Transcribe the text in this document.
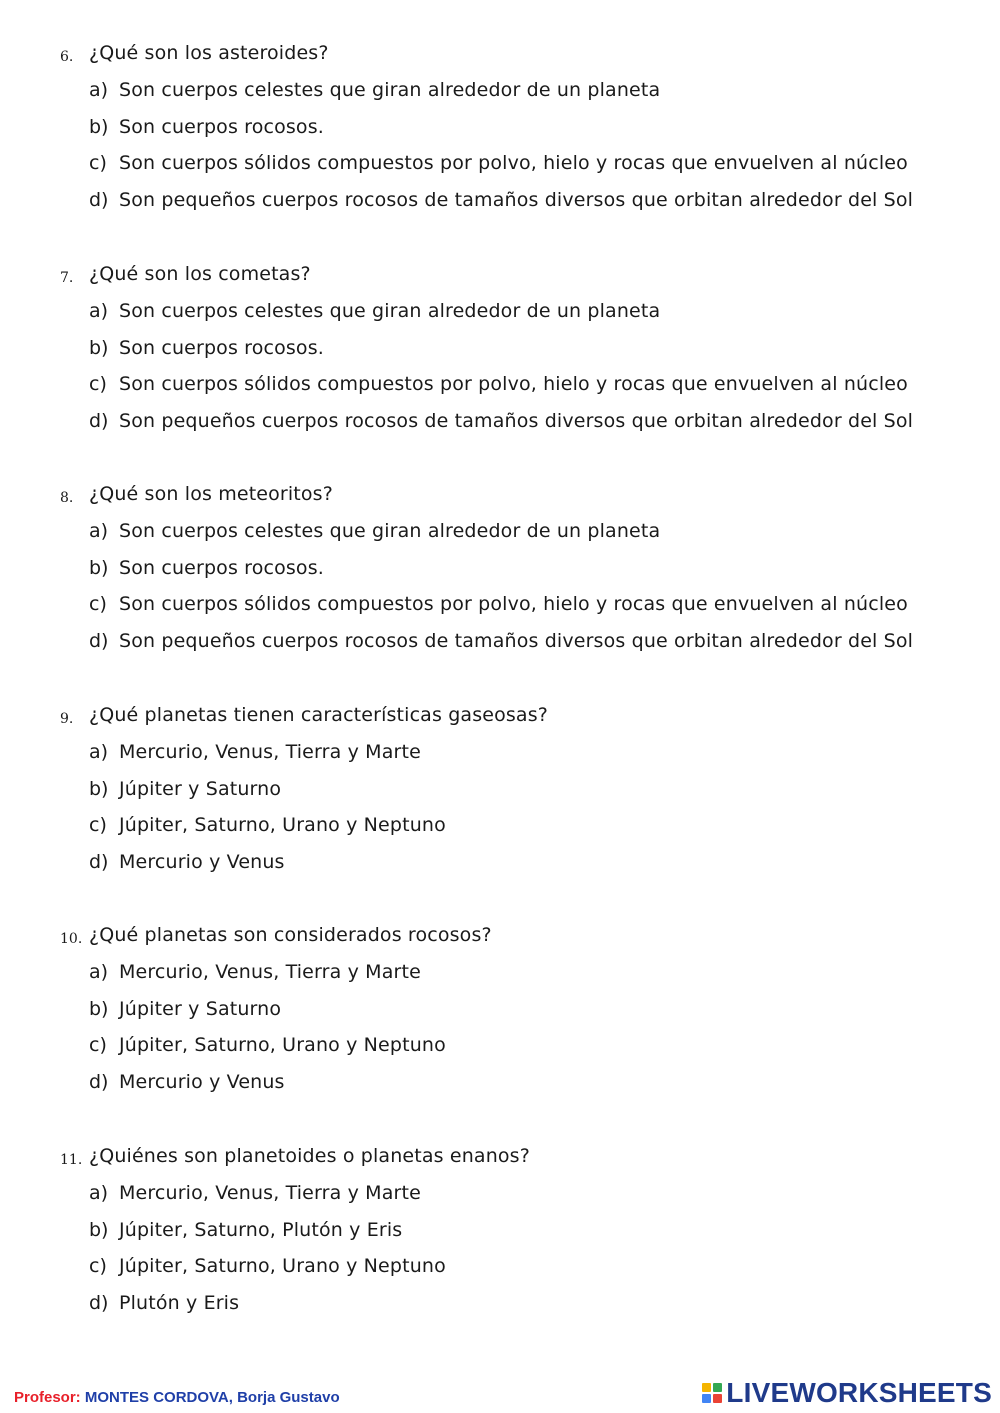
6. ¿Qué son los asteroides?
a) Son cuerpos celestes que giran alrededor de un planeta
b) Son cuerpos rocosos.
c) Son cuerpos sólidos compuestos por polvo, hielo y rocas que envuelven al núcleo
d) Son pequeños cuerpos rocosos de tamaños diversos que orbitan alrededor del Sol
7. ¿Qué son los cometas?
a) Son cuerpos celestes que giran alrededor de un planeta
b) Son cuerpos rocosos.
c) Son cuerpos sólidos compuestos por polvo, hielo y rocas que envuelven al núcleo
d) Son pequeños cuerpos rocosos de tamaños diversos que orbitan alrededor del Sol
8. ¿Qué son los meteoritos?
a) Son cuerpos celestes que giran alrededor de un planeta
b) Son cuerpos rocosos.
c) Son cuerpos sólidos compuestos por polvo, hielo y rocas que envuelven al núcleo
d) Son pequeños cuerpos rocosos de tamaños diversos que orbitan alrededor del Sol
9. ¿Qué planetas tienen características gaseosas?
a) Mercurio, Venus, Tierra y Marte
b) Júpiter y Saturno
c) Júpiter, Saturno, Urano y Neptuno
d) Mercurio y Venus
10. ¿Qué planetas son considerados rocosos?
a) Mercurio, Venus, Tierra y Marte
b) Júpiter y Saturno
c) Júpiter, Saturno, Urano y Neptuno
d) Mercurio y Venus
11. ¿Quiénes son planetoides o planetas enanos?
a) Mercurio, Venus, Tierra y Marte
b) Júpiter, Saturno, Plutón y Eris
c) Júpiter, Saturno, Urano y Neptuno
d) Plutón y Eris
Profesor: MONTES CORDOVA, Borja Gustavo	LIVEWORKSHEETS
